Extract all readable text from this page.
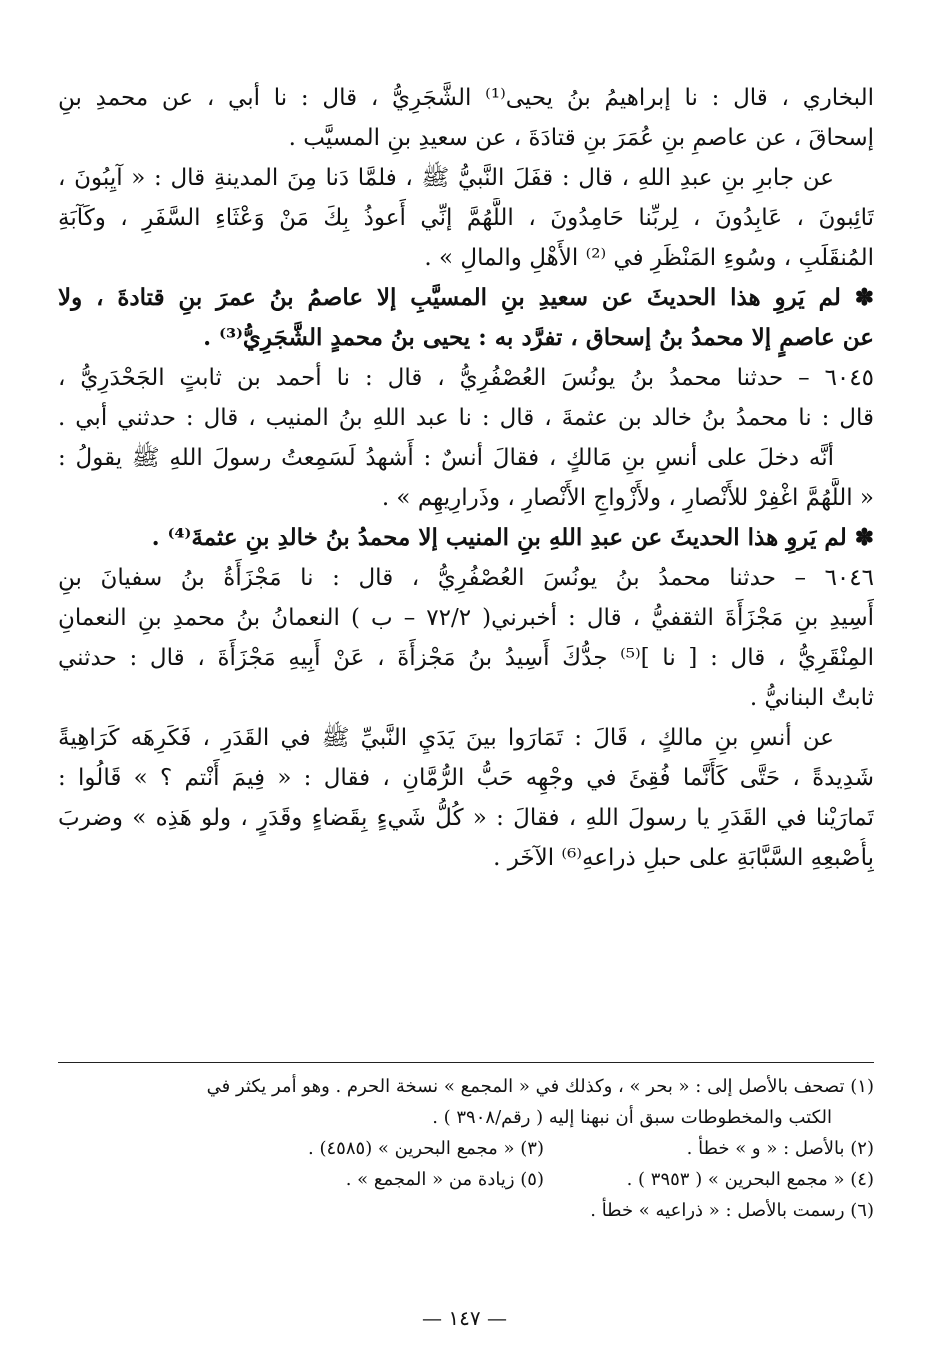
البخاري ، قال : نا إبراهيمُ بنُ يحيى⁽¹⁾ الشَّجَرِيُّ ، قال : نا أبي ، عن محمدِ بنِ
إسحاقَ ، عن عاصمِ بنِ عُمَرَ بنِ قتادَةَ ، عن سعيدِ بنِ المسيَّب .
عن جابرِ بنِ عبدِ اللهِ ، قال : قفَلَ النَّبيُّ ﷺ ، فلمَّا دَنا مِنَ المدينةِ قال : « آيِبُونَ ،
تَائِبونَ ، عَابِدُونَ ، لِربِّنا حَامِدُونَ ، اللَّهُمَّ إنِّي أَعوذُ بِكَ مَنْ وَعْثَاءِ السَّفَرِ ، وكَآبَةِ
المُنقَلَبِ ، وسُوءِ المَنْظَرِ في ⁽²⁾ الأَهْلِ والمالِ » .
✽ لم يَروِ هذا الحديثَ عن سعيدِ بنِ المسيَّبِ إلا عاصمُ بنُ عمرَ بنِ قتادةَ ، ولا
عن عاصمٍ إلا محمدُ بنُ إسحاق ، تفرَّد به : يحيى بنُ محمدٍ الشَّجَرِيُّ⁽³⁾ .
٦٠٤٥ – حدثنا محمدُ بنُ يونُسَ العُصْفُرِيُّ ، قال : نا أحمد بن ثابتٍ الجَحْدَرِيُّ ،
قال : نا محمدُ بنُ خالد بن عثمةَ ، قال : نا عبد اللهِ بنُ المنيب ، قال : حدثني أبي .
أنَّه دخلَ على أنسِ بنِ مَالكٍ ، فقالَ أنسٌ : أَشهدُ لَسَمِعتُ رسولَ اللهِ ﷺ يقولُ :
« اللَّهُمَّ اغْفِرْ للأَنْصارِ ، ولأَزْواجِ الأَنْصارِ ، وذَرارِيهِم » .
✽ لم يَروِ هذا الحديثَ عن عبدِ اللهِ بنِ المنيب إلا محمدُ بنُ خالدِ بنِ عثمةَ⁽⁴⁾ .
٦٠٤٦ – حدثنا محمدُ بنُ يونُسَ العُصْفُرِيُّ ، قال : نا مَجْزَأَةُ بنُ سفيانَ بنِ
أَسِيدِ بنِ مَجْزَأَةَ الثقفيُّ ، قال : أخبرني( ٧٢/٢ – ب ) النعمانُ بنُ محمدِ بنِ النعمانِ
المِنْقَرِيُّ ، قال : [ نا ]⁽⁵⁾ جدُّكَ أَسِيدُ بنُ مَجْزأَةَ ، عَنْ أَبِيهِ مَجْزَأَةَ ، قال : حدثني
ثابتٌ البنانيُّ .
عن أنسِ بنِ مالكٍ ، قَالَ : تَمَارَوا بينَ يَدَيِ النَّبيِّ ﷺ في القَدَرِ ، فَكَرِهَه كَرَاهِيةً
شَدِيدةً ، حَتَّى كَأَنَّما فُقِئَ في وجْهِه حَبُّ الرُّمَّانِ ، فقال : « فِيمَ أَنْتم ؟ » قَالُوا :
تَمارَيْنا في القَدَرِ يا رسولَ اللهِ ، فقالَ : « كُلُّ شَيءٍ بِقَضاءٍ وقَدَرٍ ، ولو هَذِه » وضربَ
بِأُصْبعِهِ السَّبَّابَةِ على حبلِ ذراعهِ⁽⁶⁾ الآخَر .
(١) تصحف بالأصل إلى : « بحر » ، وكذلك في « المجمع » نسخة الحرم . وهو أمر يكثر في
الكتب والمخطوطات سبق أن نبهنا إليه ( رقم/٣٩٠٨ ) .
(٢) بالأصل : « و » خطأ .
(٣) « مجمع البحرين » (٤٥٨٥) .
(٤) « مجمع البحرين » ( ٣٩٥٣ ) .
(٥) زيادة من « المجمع » .
(٦) رسمت بالأصل : « ذراعيه » خطأ .
— ١٤٧ —
